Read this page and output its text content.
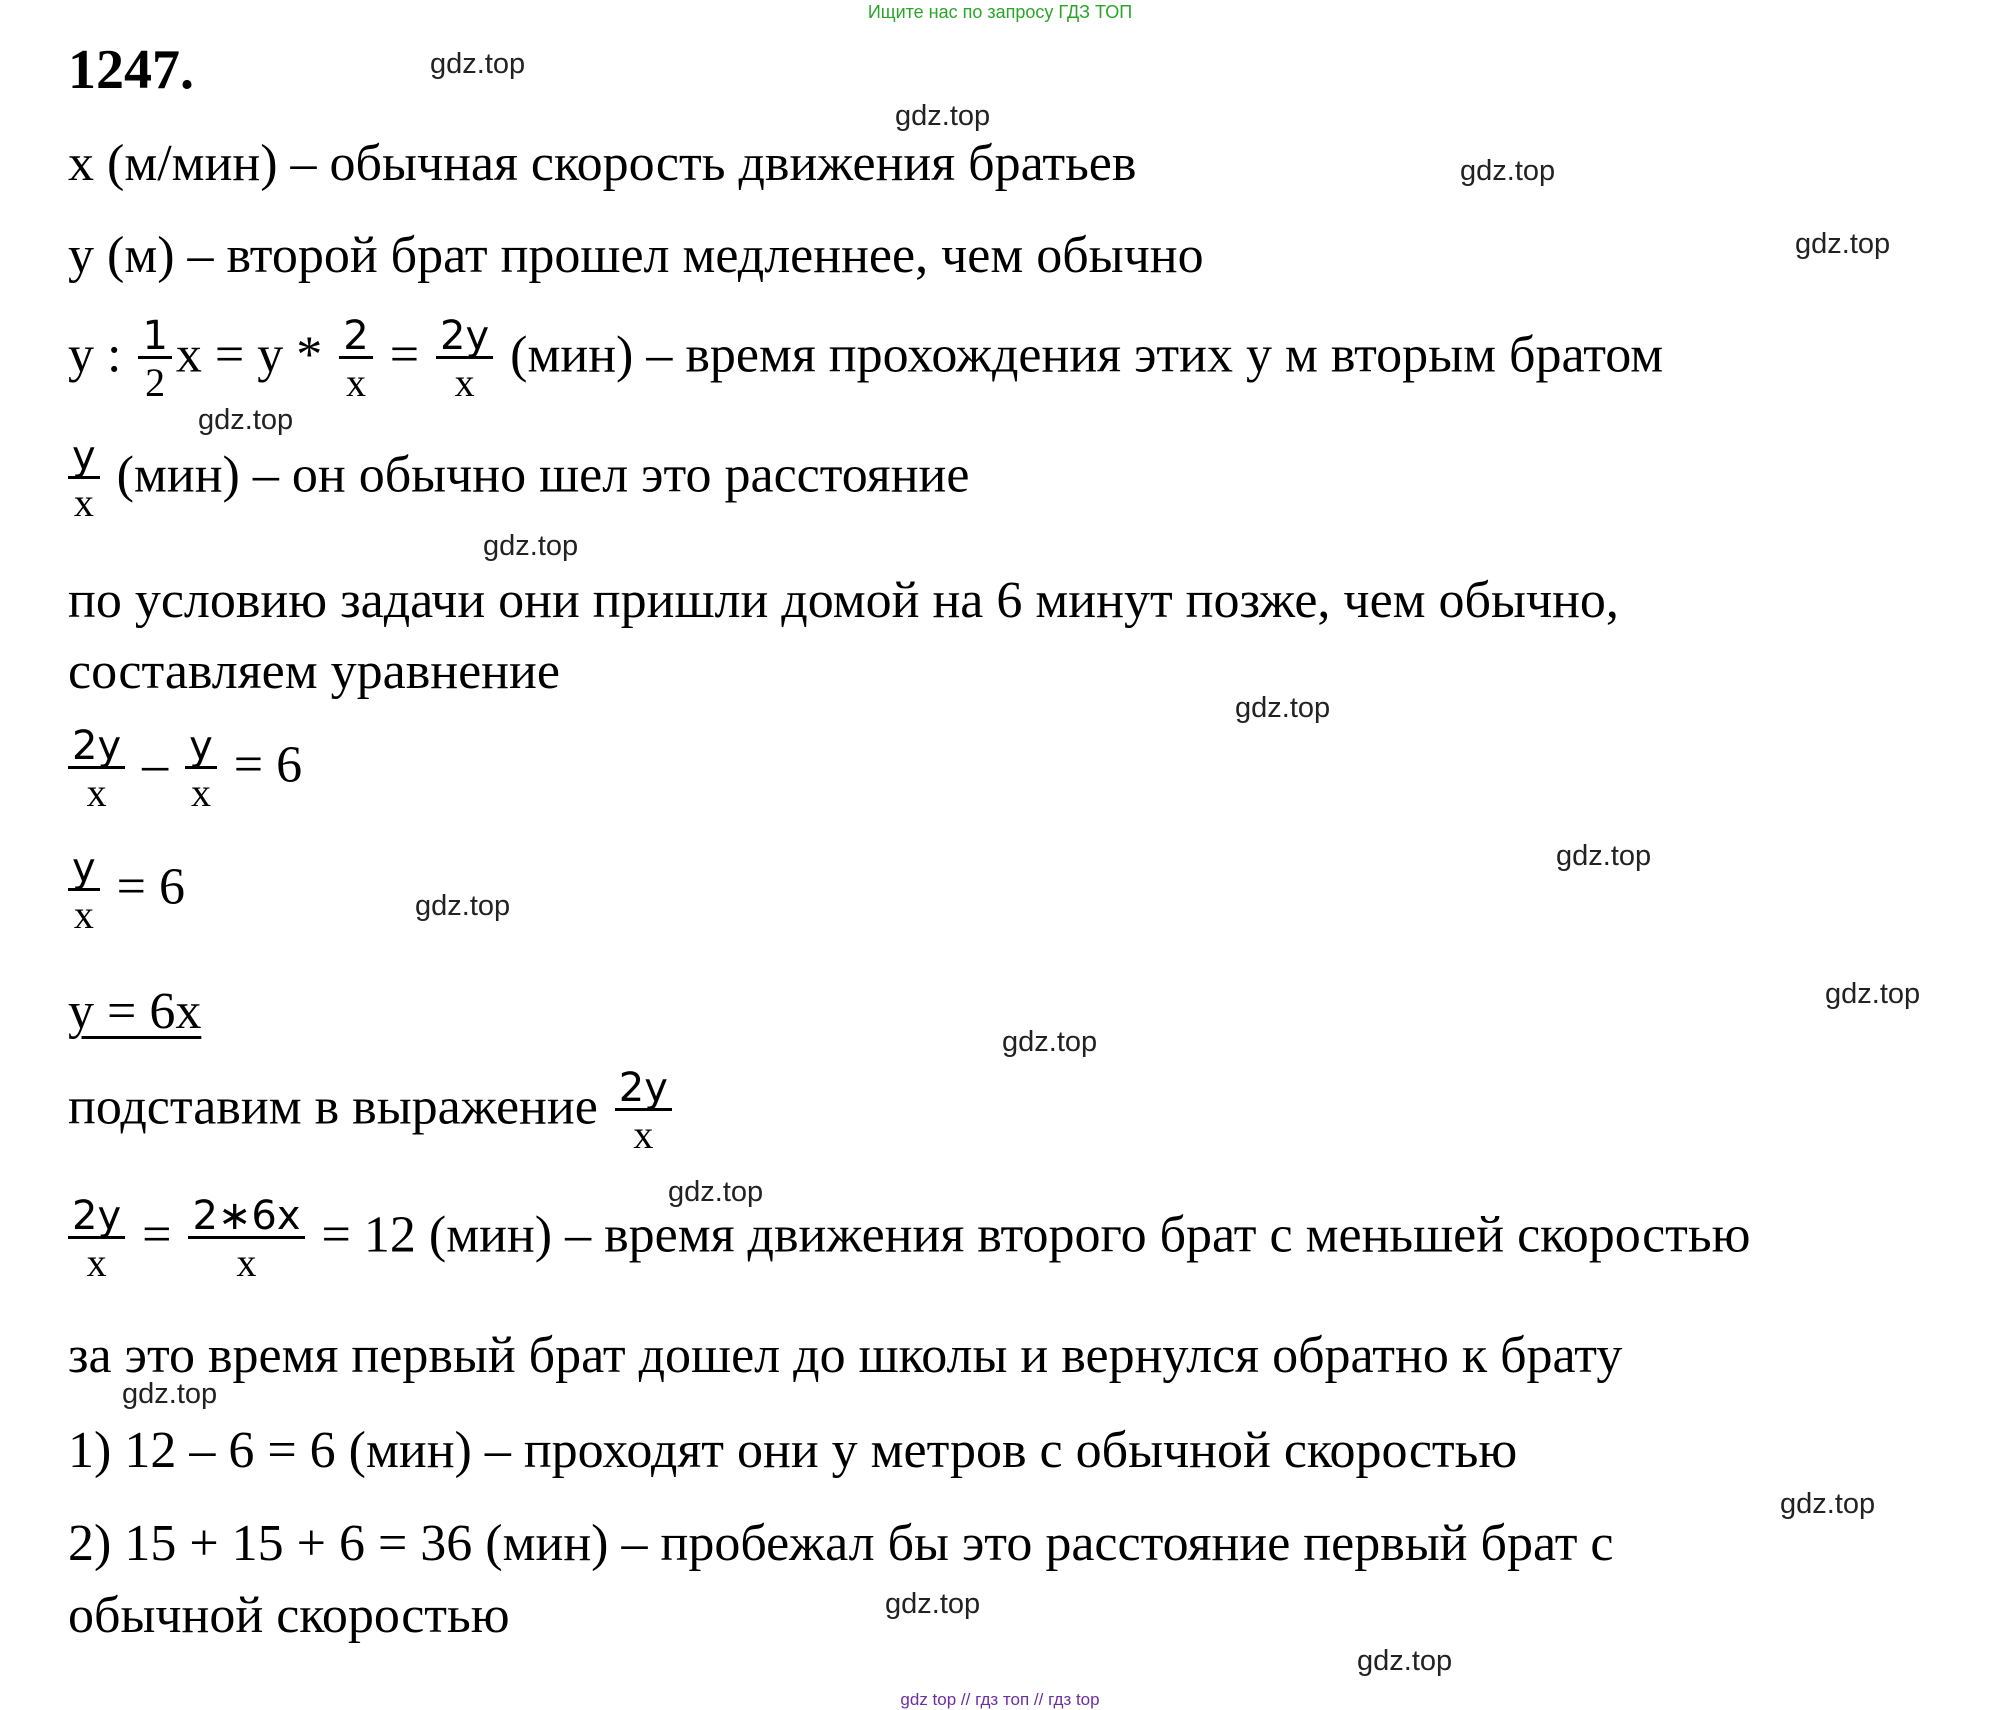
Ищите нас по запросу ГДЗ ТОП
1247.
x (м/мин) – обычная скорость движения братьев
y (м) – второй брат прошел медленнее, чем обычно
y : $\frac{1}{2}$ $x = y * \frac{2}{x} = \frac{2y}{x} (мин)$ – время прохождения этих y м вторым братом
$\frac{y}{x} (мин)$ – он обычно шел это расстояние
по условию задачи они пришли домой на 6 минут позже, чем обычно,
составляем уравнение
$\frac{2y}{x} - \frac{y}{x} = 6$
$\frac{y}{x} = 6$
y = 6x
подставим в выражение $\frac{2y}{x}$
$\frac{2y}{x} = \frac{2∗6x}{x} = 12$ (мин) – время движения второго брат с меньшей скоростью
за это время первый брат дошел до школы и вернулся обратно к брату
1) 12 – 6 = 6 (мин) – проходят они y метров с обычной скоростью
2) 15 + 15 + 6 = 36 (мин) – пробежал бы это расстояние первый брат с
обычной скоростью
gdz.top
gdz.top
gdz.top
gdz.top
gdz.top
gdz.top
gdz.top
gdz.top
gdz.top
gdz.top
gdz.top
gdz.top
gdz.top
gdz.top
gdz.top
gdz.top
gdz top // гдз топ // гдз top
